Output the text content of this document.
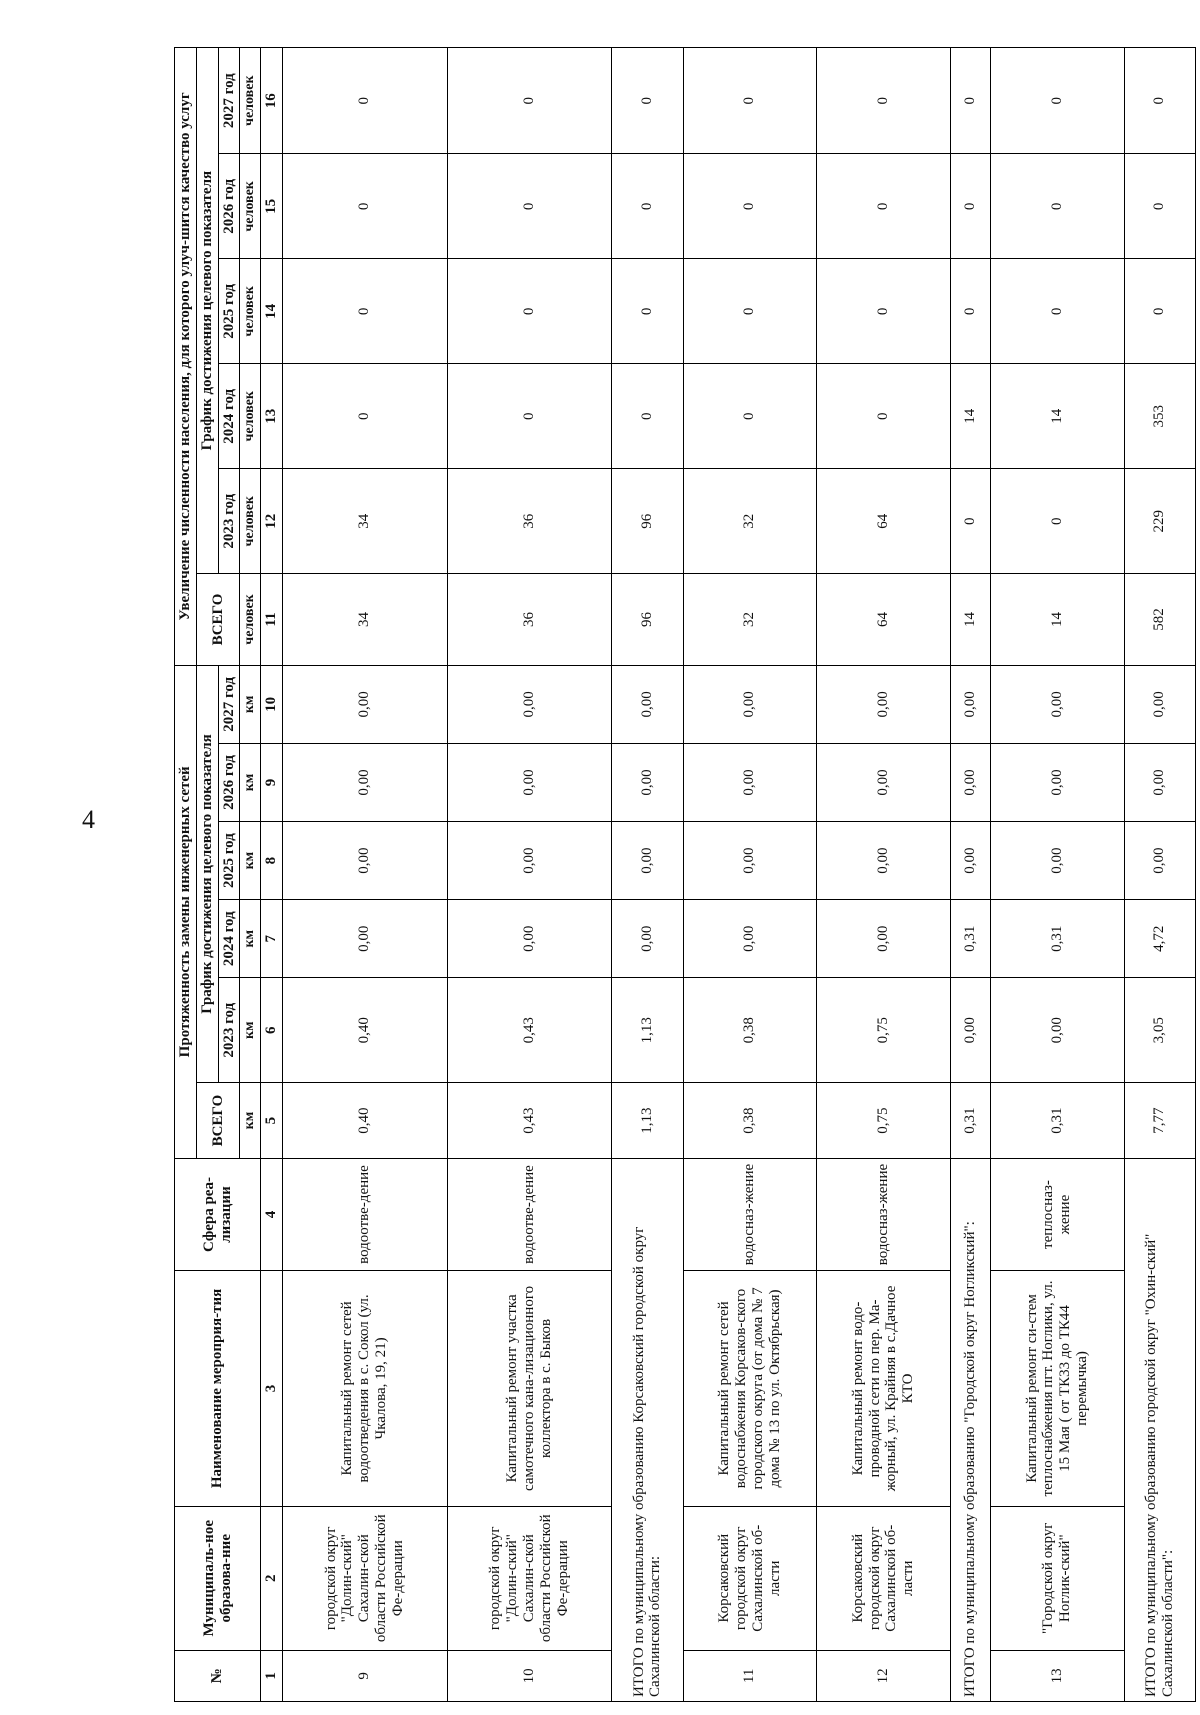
4
№	Муниципаль-ное образова-ние	Наименование мероприя-тия	Сфера реа-лизации	Протяженность замены инженерных сетей						Увеличение численности населения, для которого улуч-шится качество услуг					
				ВСЕГО	График достижения целевого показателя					ВСЕГО	График достижения целевого показателя				
					2023 год	2024 год	2025 год	2026 год	2027 год		2023 год	2024 год	2025 год	2026 год	2027 год
				км	км	км	км	км	км	человек	человек	человек	человек	человек	человек
1	2	3	4	5	6	7	8	9	10	11	12	13	14	15	16
9	городской округ "Долин-ский" Сахалин-ской области Российской Фе-дерации	Капитальный ремонт сетей водоотведения в с. Сокол (ул. Чкалова, 19, 21)	водоотве-дение	0,40	0,40	0,00	0,00	0,00	0,00	34	34	0	0	0	0
10	городской округ "Долин-ский" Сахалин-ской области Российской Фе-дерации	Капитальный ремонт участка самотечного кана-лизационного коллектора в с. Быков	водоотве-дение	0,43	0,43	0,00	0,00	0,00	0,00	36	36	0	0	0	0
ИТОГО по муниципальному образованию Корсаковский городской округ Сахалинской области:				1,13	1,13	0,00	0,00	0,00	0,00	96	96	0	0	0	0
11	Корсаковский городской округ Сахалинской об-ласти	Капитальный ремонт сетей водоснабжения Корсаков-ского городского округа (от дома № 7 дома № 13 по ул. Октябрьская)	водосназ-жение	0,38	0,38	0,00	0,00	0,00	0,00	32	32	0	0	0	0
12	Корсаковский городской округ Сахалинской об-ласти	Капитальный ремонт водо-проводной сети по пер. Ма-жорный, ул. Крайняя в с.Дачное КТО	водосназ-жение	0,75	0,75	0,00	0,00	0,00	0,00	64	64	0	0	0	0
ИТОГО по муниципальному образованию "Городской округ Ногликский":				0,31	0,00	0,31	0,00	0,00	0,00	14	0	14	0	0	0
13	"Городской округ Ноглик-ский"	Капитальный ремонт си-стем теплоснабжения пгт. Ноглики, ул. 15 Мая ( от ТК33 до ТК44 перемычка)	теплосназ-жение	0,31	0,00	0,31	0,00	0,00	0,00	14	0	14	0	0	0
ИТОГО по муниципальному образованию городской округ "Охин-ский" Сахалинской области":				7,77	3,05	4,72	0,00	0,00	0,00	582	229	353	0	0	0
